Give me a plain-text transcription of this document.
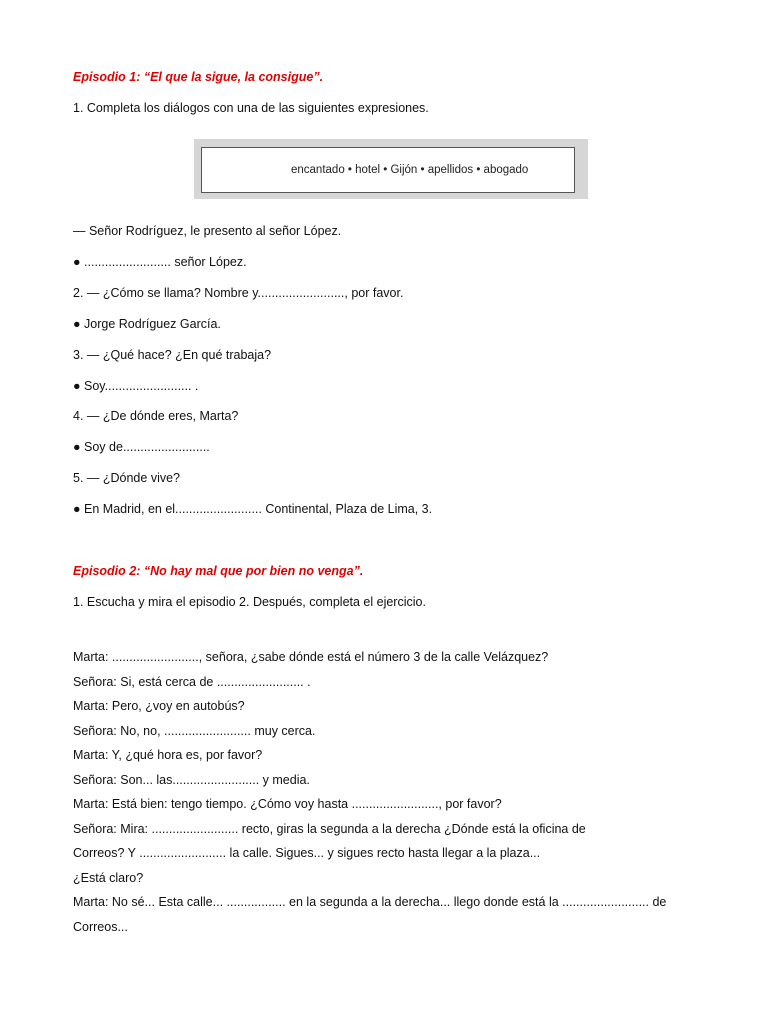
Episodio 1: “El que la sigue, la consigue”.
1. Completa los diálogos con una de las siguientes expresiones.
encantado • hotel • Gijón • apellidos • abogado
— Señor Rodríguez, le presento al señor López.
● ......................... señor López.
2. — ¿Cómo se llama? Nombre y........................., por favor.
● Jorge Rodríguez García.
3. — ¿Qué hace? ¿En qué trabaja?
● Soy......................... .
4. — ¿De dónde eres, Marta?
● Soy de.........................
5. — ¿Dónde vive?
● En Madrid, en el......................... Continental, Plaza de Lima, 3.
Episodio 2: “No hay mal que por bien no venga”.
1. Escucha y mira el episodio 2. Después, completa el ejercicio.
Marta: ........................., señora, ¿sabe dónde está el número 3 de la calle Velázquez?
Señora: Si, está cerca de ......................... .
Marta: Pero, ¿voy en autobús?
Señora: No, no, ......................... muy cerca.
Marta: Y, ¿qué hora es, por favor?
Señora: Son... las......................... y media.
Marta: Está bien: tengo tiempo. ¿Cómo voy hasta ........................., por favor?
Señora: Mira: ......................... recto, giras la segunda a la derecha ¿Dónde está la oficina de
Correos? Y ......................... la calle. Sigues... y sigues recto hasta llegar a la plaza...
¿Está claro?
Marta: No sé... Esta calle... ................. en la segunda a la derecha... llego donde está la ......................... de
Correos...
